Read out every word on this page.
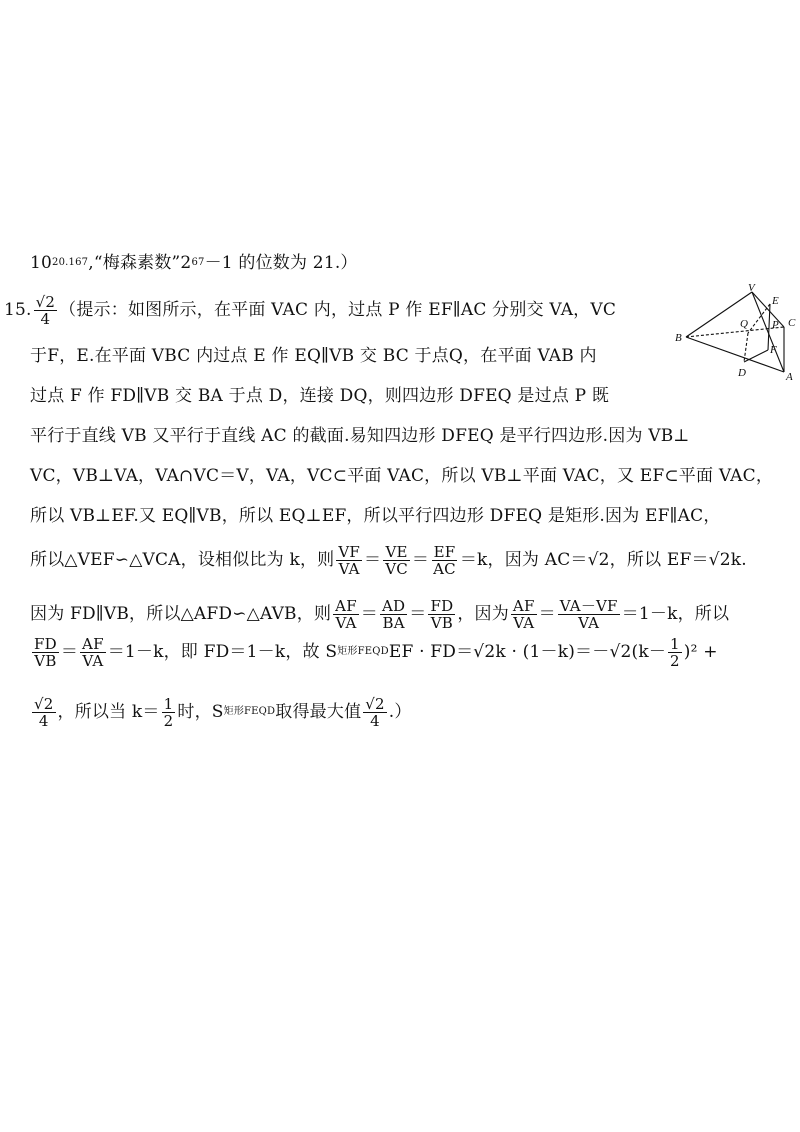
10 20.167 ,“梅森素数”2 67 －1 的位数为 21.）
15. $\frac{√2}{4}$ （提示：如图所示，在平面 VAC 内，过点 P 作 EF∥AC 分别交 VA，VC
于F，E.在平面 VBC 内过点 E 作 EQ∥VB 交 BC 于点Q，在平面 VAB 内
过点 F 作 FD∥VB 交 BA 于点 D，连接 DQ，则四边形 DFEQ 是过点 P 既
平行于直线 VB 又平行于直线 AC 的截面.易知四边形 DFEQ 是平行四边形.因为 VB⊥
VC，VB⊥VA，VA∩VC＝V，VA，VC⊂平面 VAC，所以 VB⊥平面 VAC，又 EF⊂平面 VAC，
所以 VB⊥EF.又 EQ∥VB，所以 EQ⊥EF，所以平行四边形 DFEQ 是矩形.因为 EF∥AC，
所以△VEF∽△VCA，设相似比为 k，则 $\frac{VF}{VA} = \frac{VE}{VC} = \frac{EF}{AC} =k$ ，因为 AC＝√2，所以 EF＝√2k.
因为 FD∥VB，所以△AFD∽△AVB，则 $\frac{AF}{VA} = \frac{AD}{BA} = \frac{FD}{VB}$ ，因为 $\frac{AF}{VA} = \frac{VA-VF}{VA} =1-k$，所以
$\frac{FD}{VB} = \frac{AF}{VA} =1-k$，即 FD＝1－k，故 S 矩形FEQD EF · $FD=√2k \cdot (1-k)=-√2(k- \frac{1}{2} )^2$ +
$\frac{√2}{4}$ ，所以当 $k= \frac{1}{2}$ 时，S 矩形FEQD 取得最大值 $\frac{√2}{4}$ .）
V
E
C
B
Q P
F
D	A
